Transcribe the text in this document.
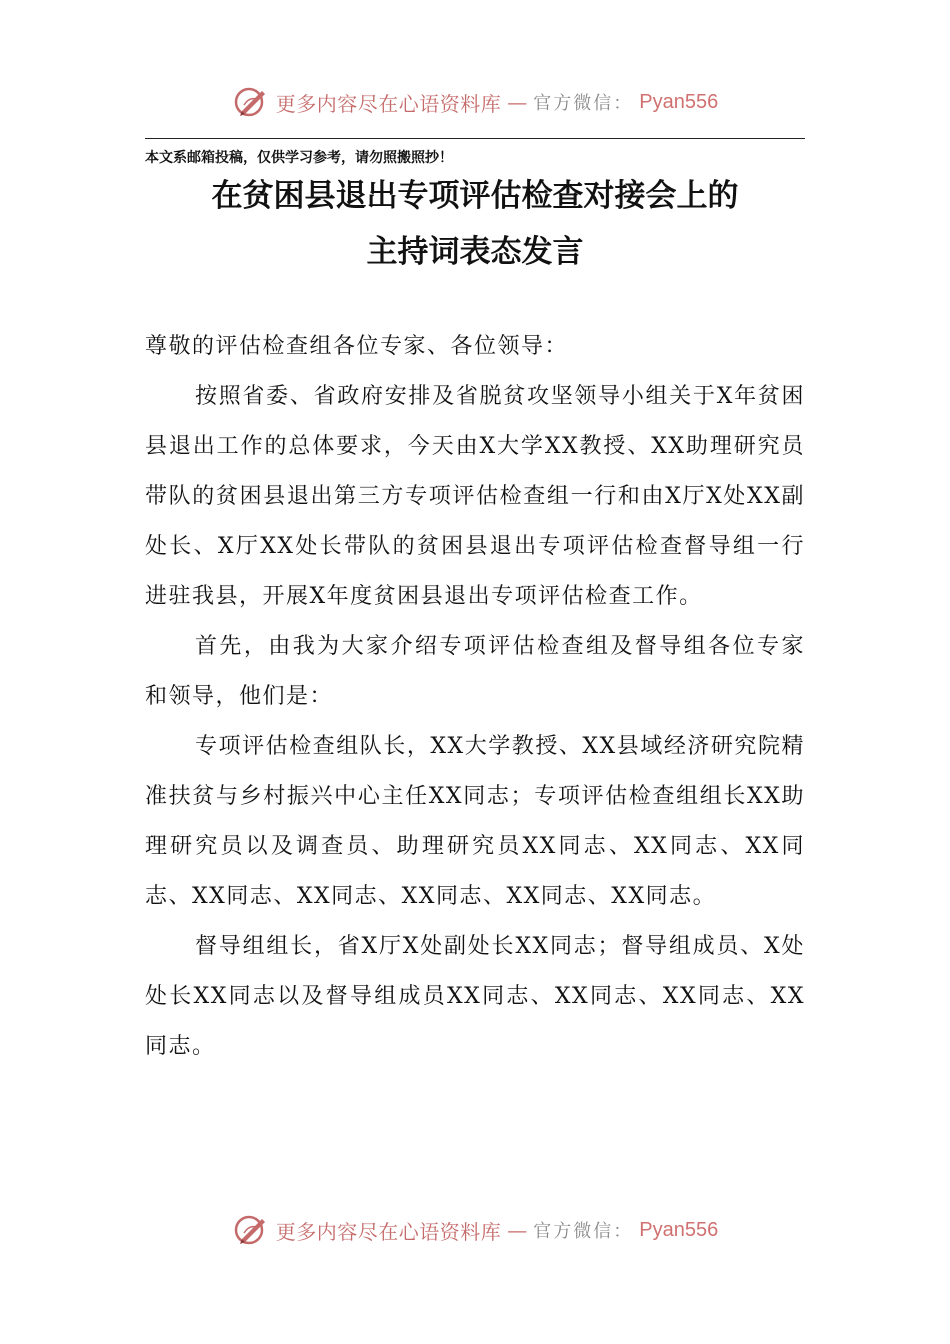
更多内容尽在心语资料库 — 官方微信： Pyan556
本文系邮箱投稿，仅供学习参考，请勿照搬照抄！
在贫困县退出专项评估检查对接会上的
主持词表态发言

尊敬的评估检查组各位专家、各位领导：

按照省委、省政府安排及省脱贫攻坚领导小组关于X年贫困县退出工作的总体要求，今天由X大学XX教授、XX助理研究员带队的贫困县退出第三方专项评估检查组一行和由X厅X处XX副处长、X厅XX处长带队的贫困县退出专项评估检查督导组一行进驻我县，开展X年度贫困县退出专项评估检查工作。

首先，由我为大家介绍专项评估检查组及督导组各位专家和领导，他们是：

专项评估检查组队长，XX大学教授、XX县域经济研究院精准扶贫与乡村振兴中心主任XX同志；专项评估检查组组长XX助理研究员以及调查员、助理研究员XX同志、XX同志、XX同志、XX同志、XX同志、XX同志、XX同志、XX同志。

督导组组长，省X厅X处副处长XX同志；督导组成员、X处处长XX同志以及督导组成员XX同志、XX同志、XX同志、XX同志。

更多内容尽在心语资料库 — 官方微信： Pyan556
